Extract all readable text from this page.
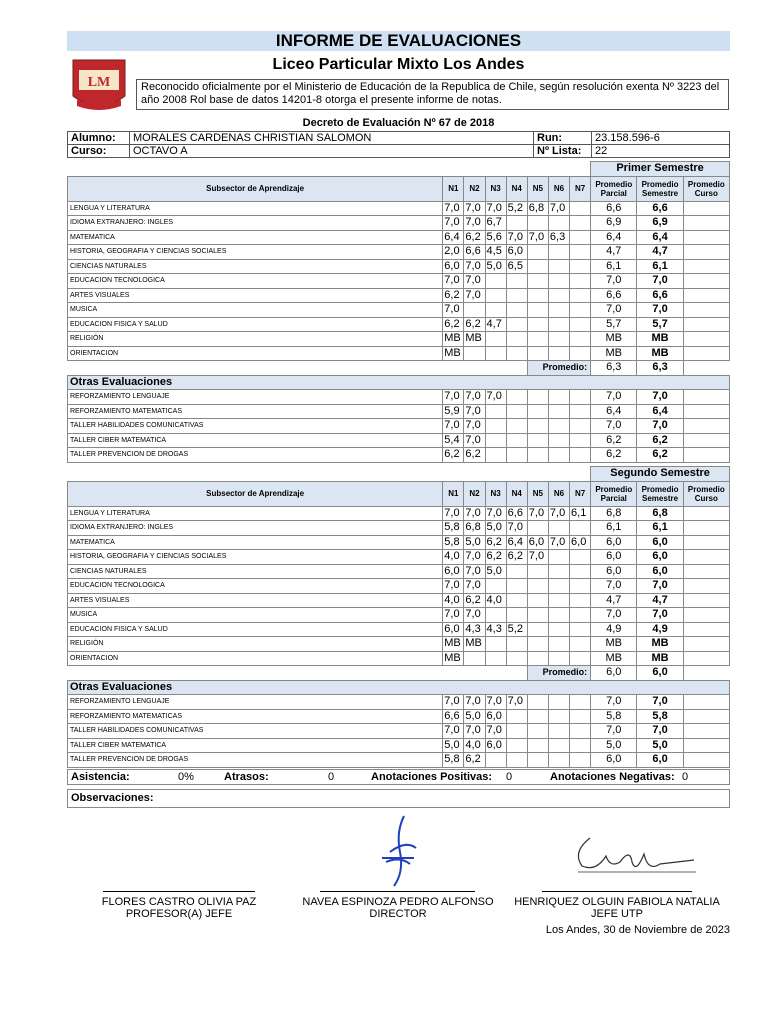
INFORME DE EVALUACIONES
LM
Liceo Particular Mixto Los Andes
Reconocido oficialmente por el Ministerio de Educación de la Republica de Chile, según resolución exenta Nº 3223 del año 2008 Rol base de datos 14201-8 otorga el presente informe de notas.
Decreto de Evaluación Nº 67 de 2018
Alumno:	MORALES CARDENAS CHRISTIAN SALOMON	Run:	23.158.596-6
Curso:	OCTAVO A	Nº Lista:	22
								Primer Semestre		
Subsector de Aprendizaje	N1	N2	N3	N4	N5	N6	N7	Promedio Parcial	Promedio Semestre	Promedio Curso
LENGUA Y LITERATURA	7,0	7,0	7,0	5,2	6,8	7,0		6,6	6,6	
IDIOMA EXTRANJERO: INGLES	7,0	7,0	6,7					6,9	6,9	
MATEMATICA	6,4	6,2	5,6	7,0	7,0	6,3		6,4	6,4	
HISTORIA, GEOGRAFIA Y CIENCIAS SOCIALES	2,0	6,6	4,5	6,0				4,7	4,7	
CIENCIAS NATURALES	6,0	7,0	5,0	6,5				6,1	6,1	
EDUCACION TECNOLOGICA	7,0	7,0						7,0	7,0	
ARTES VISUALES	6,2	7,0						6,6	6,6	
MUSICA	7,0							7,0	7,0	
EDUCACION FISICA Y SALUD	6,2	6,2	4,7					5,7	5,7	
RELIGIÓN	MB	MB						MB	MB	
ORIENTACION	MB							MB	MB	
					Promedio:			6,3	6,3	
Otras Evaluaciones										
REFORZAMIENTO LENGUAJE	7,0	7,0	7,0					7,0	7,0	
REFORZAMIENTO MATEMATICAS	5,9	7,0						6,4	6,4	
TALLER HABILIDADES COMUNICATIVAS	7,0	7,0						7,0	7,0	
TALLER CIBER MATEMATICA	5,4	7,0						6,2	6,2	
TALLER PREVENCION DE DROGAS	6,2	6,2						6,2	6,2	
								Segundo Semestre		
Subsector de Aprendizaje	N1	N2	N3	N4	N5	N6	N7	Promedio Parcial	Promedio Semestre	Promedio Curso
LENGUA Y LITERATURA	7,0	7,0	7,0	6,6	7,0	7,0	6,1	6,8	6,8	
IDIOMA EXTRANJERO: INGLES	5,8	6,8	5,0	7,0				6,1	6,1	
MATEMATICA	5,8	5,0	6,2	6,4	6,0	7,0	6,0	6,0	6,0	
HISTORIA, GEOGRAFIA Y CIENCIAS SOCIALES	4,0	7,0	6,2	6,2	7,0			6,0	6,0	
CIENCIAS NATURALES	6,0	7,0	5,0					6,0	6,0	
EDUCACION TECNOLOGICA	7,0	7,0						7,0	7,0	
ARTES VISUALES	4,0	6,2	4,0					4,7	4,7	
MUSICA	7,0	7,0						7,0	7,0	
EDUCACION FISICA Y SALUD	6,0	4,3	4,3	5,2				4,9	4,9	
RELIGIÓN	MB	MB						MB	MB	
ORIENTACION	MB							MB	MB	
					Promedio:			6,0	6,0	
Otras Evaluaciones										
REFORZAMIENTO LENGUAJE	7,0	7,0	7,0	7,0				7,0	7,0	
REFORZAMIENTO MATEMATICAS	6,6	5,0	6,0					5,8	5,8	
TALLER HABILIDADES COMUNICATIVAS	7,0	7,0	7,0					7,0	7,0	
TALLER CIBER MATEMATICA	5,0	4,0	6,0					5,0	5,0	
TALLER PREVENCION DE DROGAS	5,8	6,2						6,0	6,0	
Asistencia:	0%	Atrasos:	0	Anotaciones Positivas: 0	Anotaciones Negativas: 0
Observaciones:
FLORES CASTRO OLIVIA PAZ
PROFESOR(A) JEFE
NAVEA ESPINOZA PEDRO ALFONSO
DIRECTOR
HENRIQUEZ OLGUIN FABIOLA NATALIA
JEFE UTP
Los Andes, 30 de Noviembre de 2023
